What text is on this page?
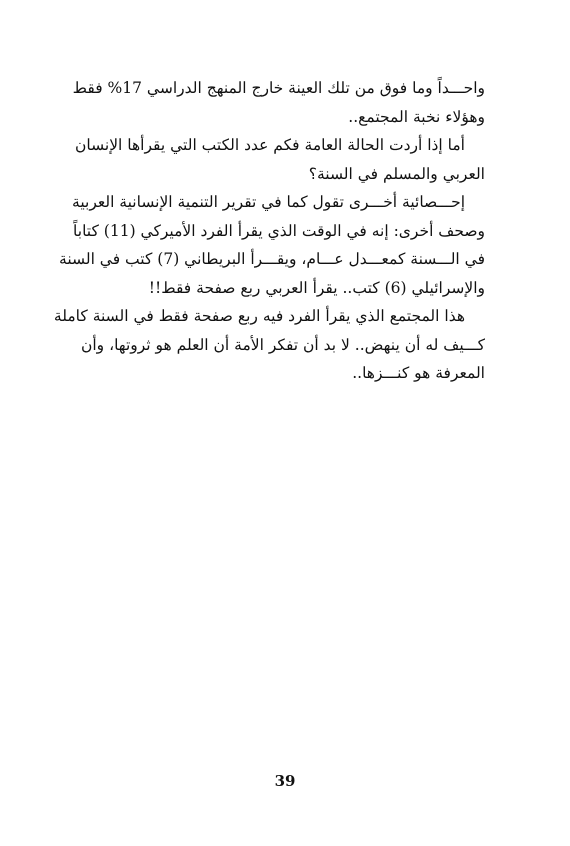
واحـــداً وما فوق من تلك العينة خارج المنهج الدراسي 17% فقط
وهؤلاء نخبة المجتمع..
أما إذا أردت الحالة العامة فكم عدد الكتب التي يقرأها الإنسان
العربي والمسلم في السنة؟
إحـــصائية أخـــرى تقول كما في تقرير التنمية الإنسانية العربية
وصحف أخرى: إنه في الوقت الذي يقرأ الفرد الأميركي (11) كتاباً
في الـــسنة كمعـــدل عـــام، ويقـــرأ البريطاني (7) كتب في السنة
والإسرائيلي (6) كتب.. يقرأ العربي ربع صفحة فقط!!
هذا المجتمع الذي يقرأ الفرد فيه ربع صفحة فقط في السنة كاملة
كـــيف له أن ينهض.. لا بد أن تفكر الأمة أن العلم هو ثروتها، وأن
المعرفة هو كنـــزها..
39
